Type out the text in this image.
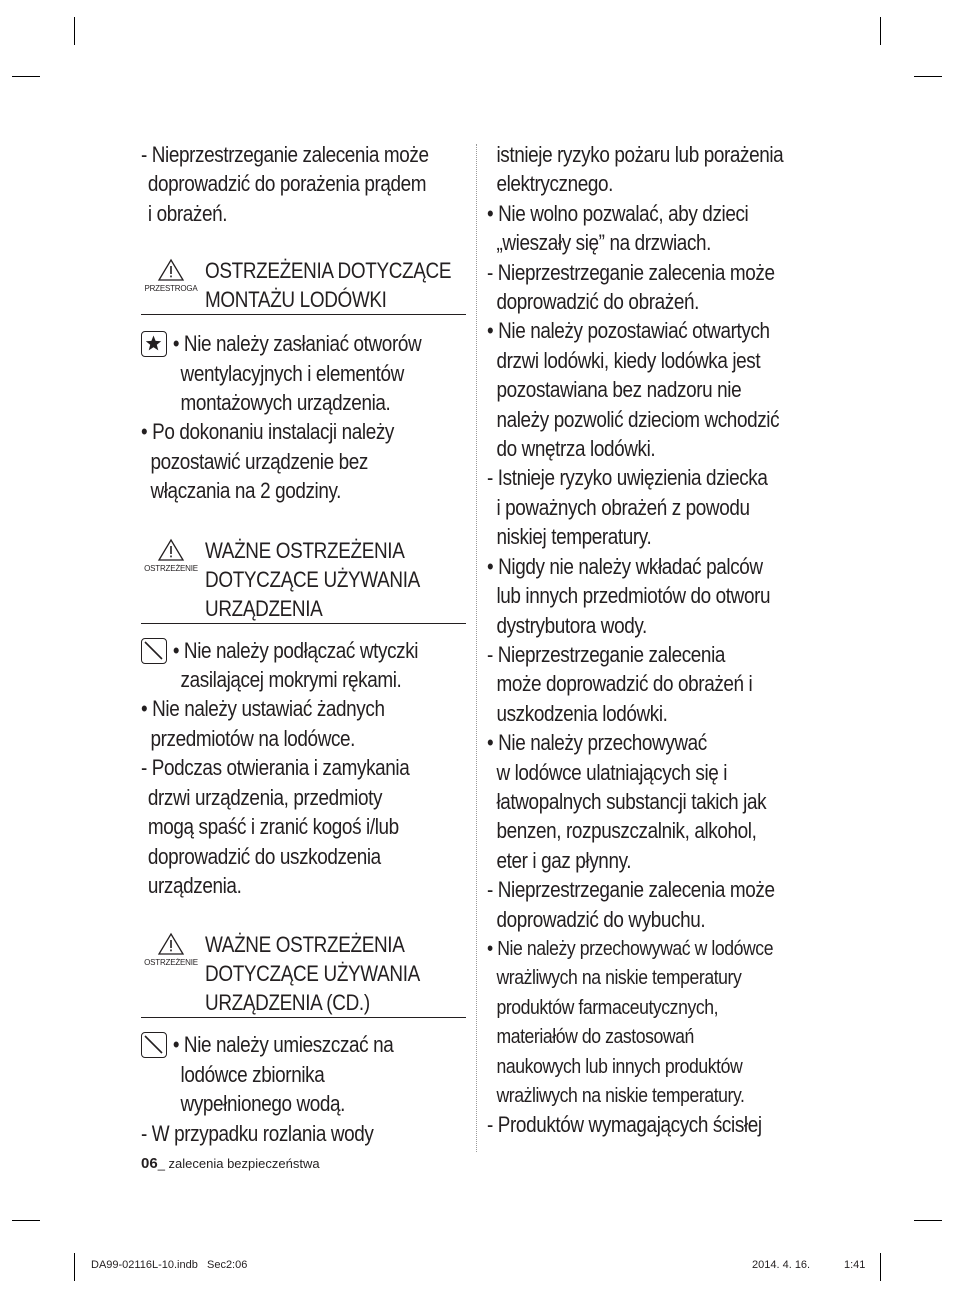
- Nieprzestrzeganie zalecenia może
doprowadzić do porażenia prądem
i obrażeń.
PRZESTROGA
OSTRZEŻENIA DOTYCZĄCE
MONTAŻU LODÓWKI
• Nie należy zasłaniać otworów
wentylacyjnych i elementów
montażowych urządzenia.
• Po dokonaniu instalacji należy
pozostawić urządzenie bez
włączania na 2 godziny.
OSTRZEŻENIE
WAŻNE OSTRZEŻENIA
DOTYCZĄCE UŻYWANIA
URZĄDZENIA
• Nie należy podłączać wtyczki
zasilającej mokrymi rękami.
• Nie należy ustawiać żadnych
przedmiotów na lodówce.
- Podczas otwierania i zamykania
drzwi urządzenia, przedmioty
mogą spaść i zranić kogoś i/lub
doprowadzić do uszkodzenia
urządzenia.
OSTRZEŻENIE
WAŻNE OSTRZEŻENIA
DOTYCZĄCE UŻYWANIA
URZĄDZENIA (CD.)
• Nie należy umieszczać na
lodówce zbiornika
wypełnionego wodą.
- W przypadku rozlania wody
istnieje ryzyko pożaru lub porażenia
elektrycznego.
• Nie wolno pozwalać, aby dzieci
„wieszały się” na drzwiach.
- Nieprzestrzeganie zalecenia może
doprowadzić do obrażeń.
• Nie należy pozostawiać otwartych
drzwi lodówki, kiedy lodówka jest
pozostawiana bez nadzoru nie
należy pozwolić dzieciom wchodzić
do wnętrza lodówki.
- Istnieje ryzyko uwięzienia dziecka
i poważnych obrażeń z powodu
niskiej temperatury.
• Nigdy nie należy wkładać palców
lub innych przedmiotów do otworu
dystrybutora wody.
- Nieprzestrzeganie zalecenia
może doprowadzić do obrażeń i
uszkodzenia lodówki.
• Nie należy przechowywać
w lodówce ulatniających się i
łatwopalnych substancji takich jak
benzen, rozpuszczalnik, alkohol,
eter i gaz płynny.
- Nieprzestrzeganie zalecenia może
doprowadzić do wybuchu.
• Nie należy przechowywać w lodówce
wrażliwych na niskie temperatury
produktów farmaceutycznych,
materiałów do zastosowań
naukowych lub innych produktów
wrażliwych na niskie temperatury.
- Produktów wymagających ścisłej
06_ zalecenia bezpieczeństwa
DA99-02116L-10.indb   Sec2:06	2014. 4. 16.	1:41
